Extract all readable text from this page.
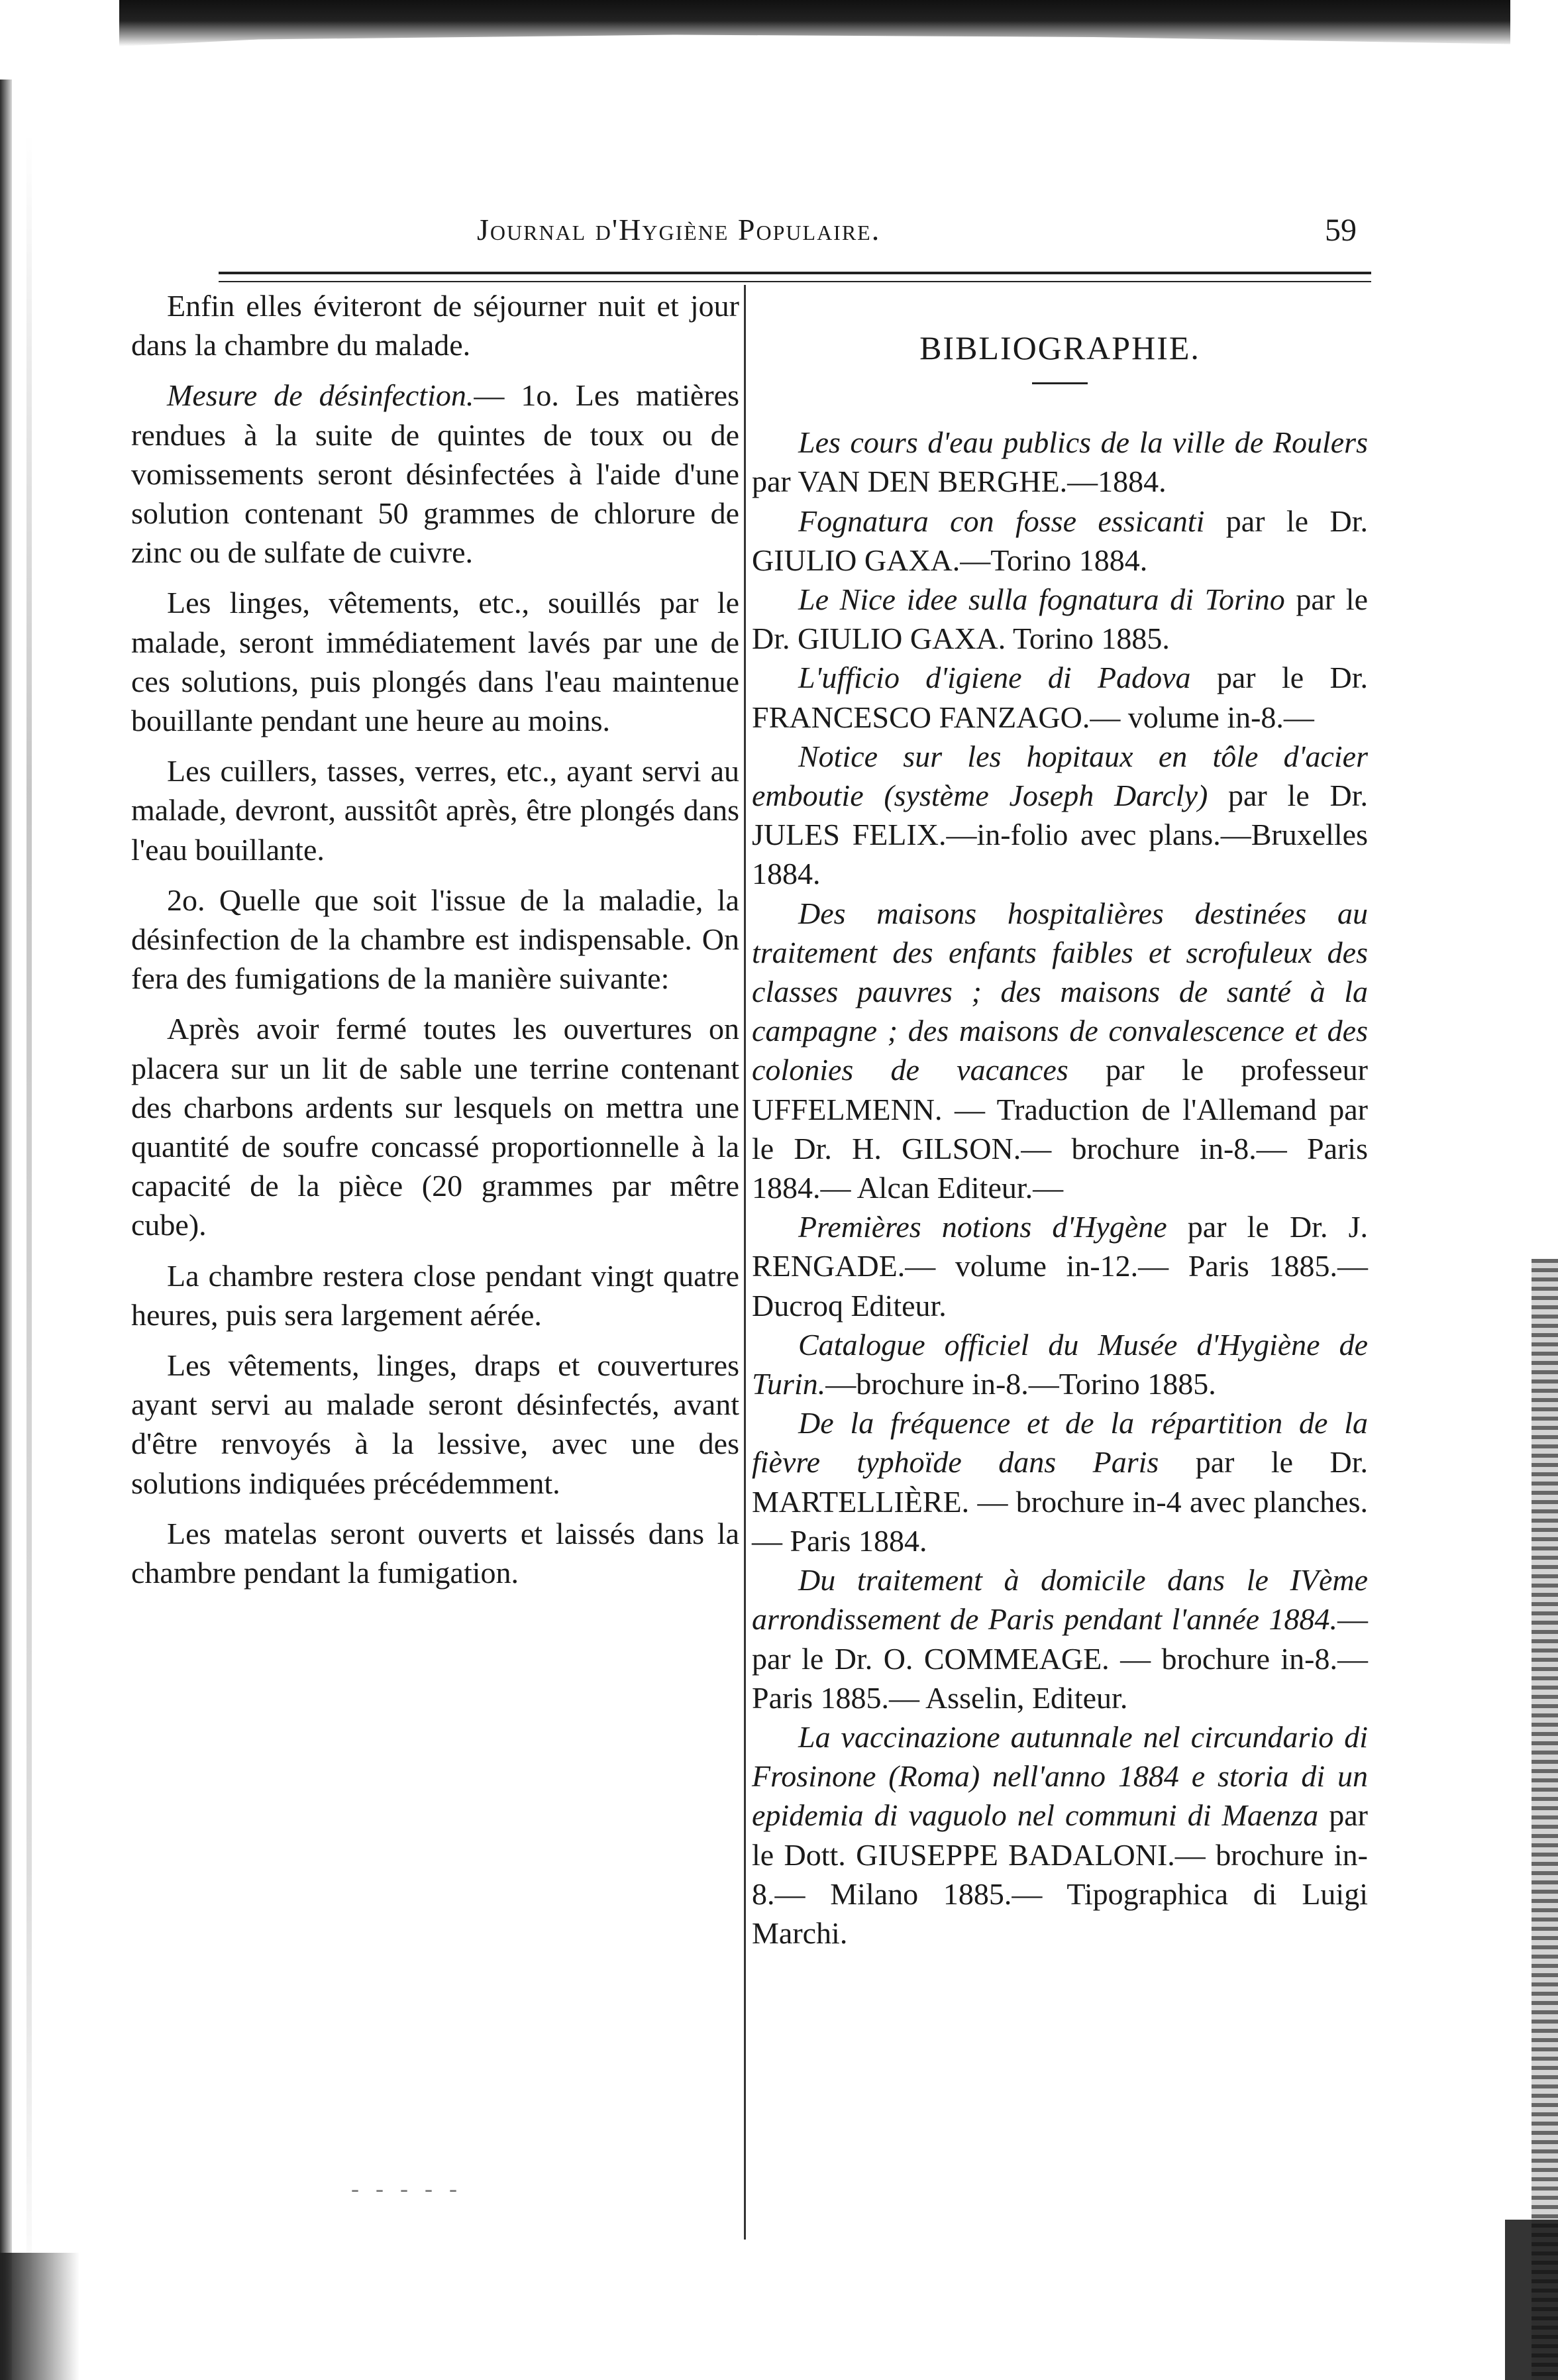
Journal d'Hygiène Populaire.	59

Enfin elles éviteront de séjourner nuit et jour dans la chambre du malade.

Mesure de désinfection.— 1o. Les matières rendues à la suite de quintes de toux ou de vomissements seront désinfectées à l'aide d'une solution contenant 50 grammes de chlorure de zinc ou de sulfate de cuivre.

Les linges, vêtements, etc., souillés par le malade, seront immédiatement lavés par une de ces solutions, puis plongés dans l'eau maintenue bouillante pendant une heure au moins.

Les cuillers, tasses, verres, etc., ayant servi au malade, devront, aussitôt après, être plongés dans l'eau bouillante.

2o. Quelle que soit l'issue de la maladie, la désinfection de la chambre est indispensable. On fera des fumigations de la manière suivante:

Après avoir fermé toutes les ouvertures on placera sur un lit de sable une terrine contenant des charbons ardents sur lesquels on mettra une quantité de soufre concassé proportionnelle à la capacité de la pièce (20 grammes par mêtre cube).

La chambre restera close pendant vingt quatre heures, puis sera largement aérée.

Les vêtements, linges, draps et couvertures ayant servi au malade seront désinfectés, avant d'être renvoyés à la lessive, avec une des solutions indiquées précédemment.

Les matelas seront ouverts et laissés dans la chambre pendant la fumigation.

BIBLIOGRAPHIE.

Les cours d'eau publics de la ville de Roulers par VAN DEN BERGHE.—1884.

Fognatura con fosse essicanti par le Dr. GIULIO GAXA.—Torino 1884.

Le Nice idee sulla fognatura di Torino par le Dr. GIULIO GAXA. Torino 1885.

L'ufficio d'igiene di Padova par le Dr. FRANCESCO FANZAGO.— volume in-8.—

Notice sur les hopitaux en tôle d'acier emboutie (système Joseph Darcly) par le Dr. JULES FELIX.—in-folio avec plans.—Bruxelles 1884.

Des maisons hospitalières destinées au traitement des enfants faibles et scrofuleux des classes pauvres ; des maisons de santé à la campagne ; des maisons de convalescence et des colonies de vacances par le professeur UFFELMENN. — Traduction de l'Allemand par le Dr. H. GILSON.— brochure in-8.— Paris 1884.— Alcan Editeur.—

Premières notions d'Hygène par le Dr. J. RENGADE.— volume in-12.— Paris 1885.—Ducroq Editeur.

Catalogue officiel du Musée d'Hygiène de Turin.—brochure in-8.—Torino 1885.

De la fréquence et de la répartition de la fièvre typhoïde dans Paris par le Dr. MARTELLIÈRE. — brochure in-4 avec planches.— Paris 1884.

Du traitement à domicile dans le IVème arrondissement de Paris pendant l'année 1884.— par le Dr. O. COMMEAGE. — brochure in-8.— Paris 1885.— Asselin, Editeur.

La vaccinazione autunnale nel circundario di Frosinone (Roma) nell'anno 1884 e storia di un epidemia di vaguolo nel communi di Maenza par le Dott. GIUSEPPE BADALONI.— brochure in-8.— Milano 1885.— Tipographica di Luigi Marchi.

- - - - -
